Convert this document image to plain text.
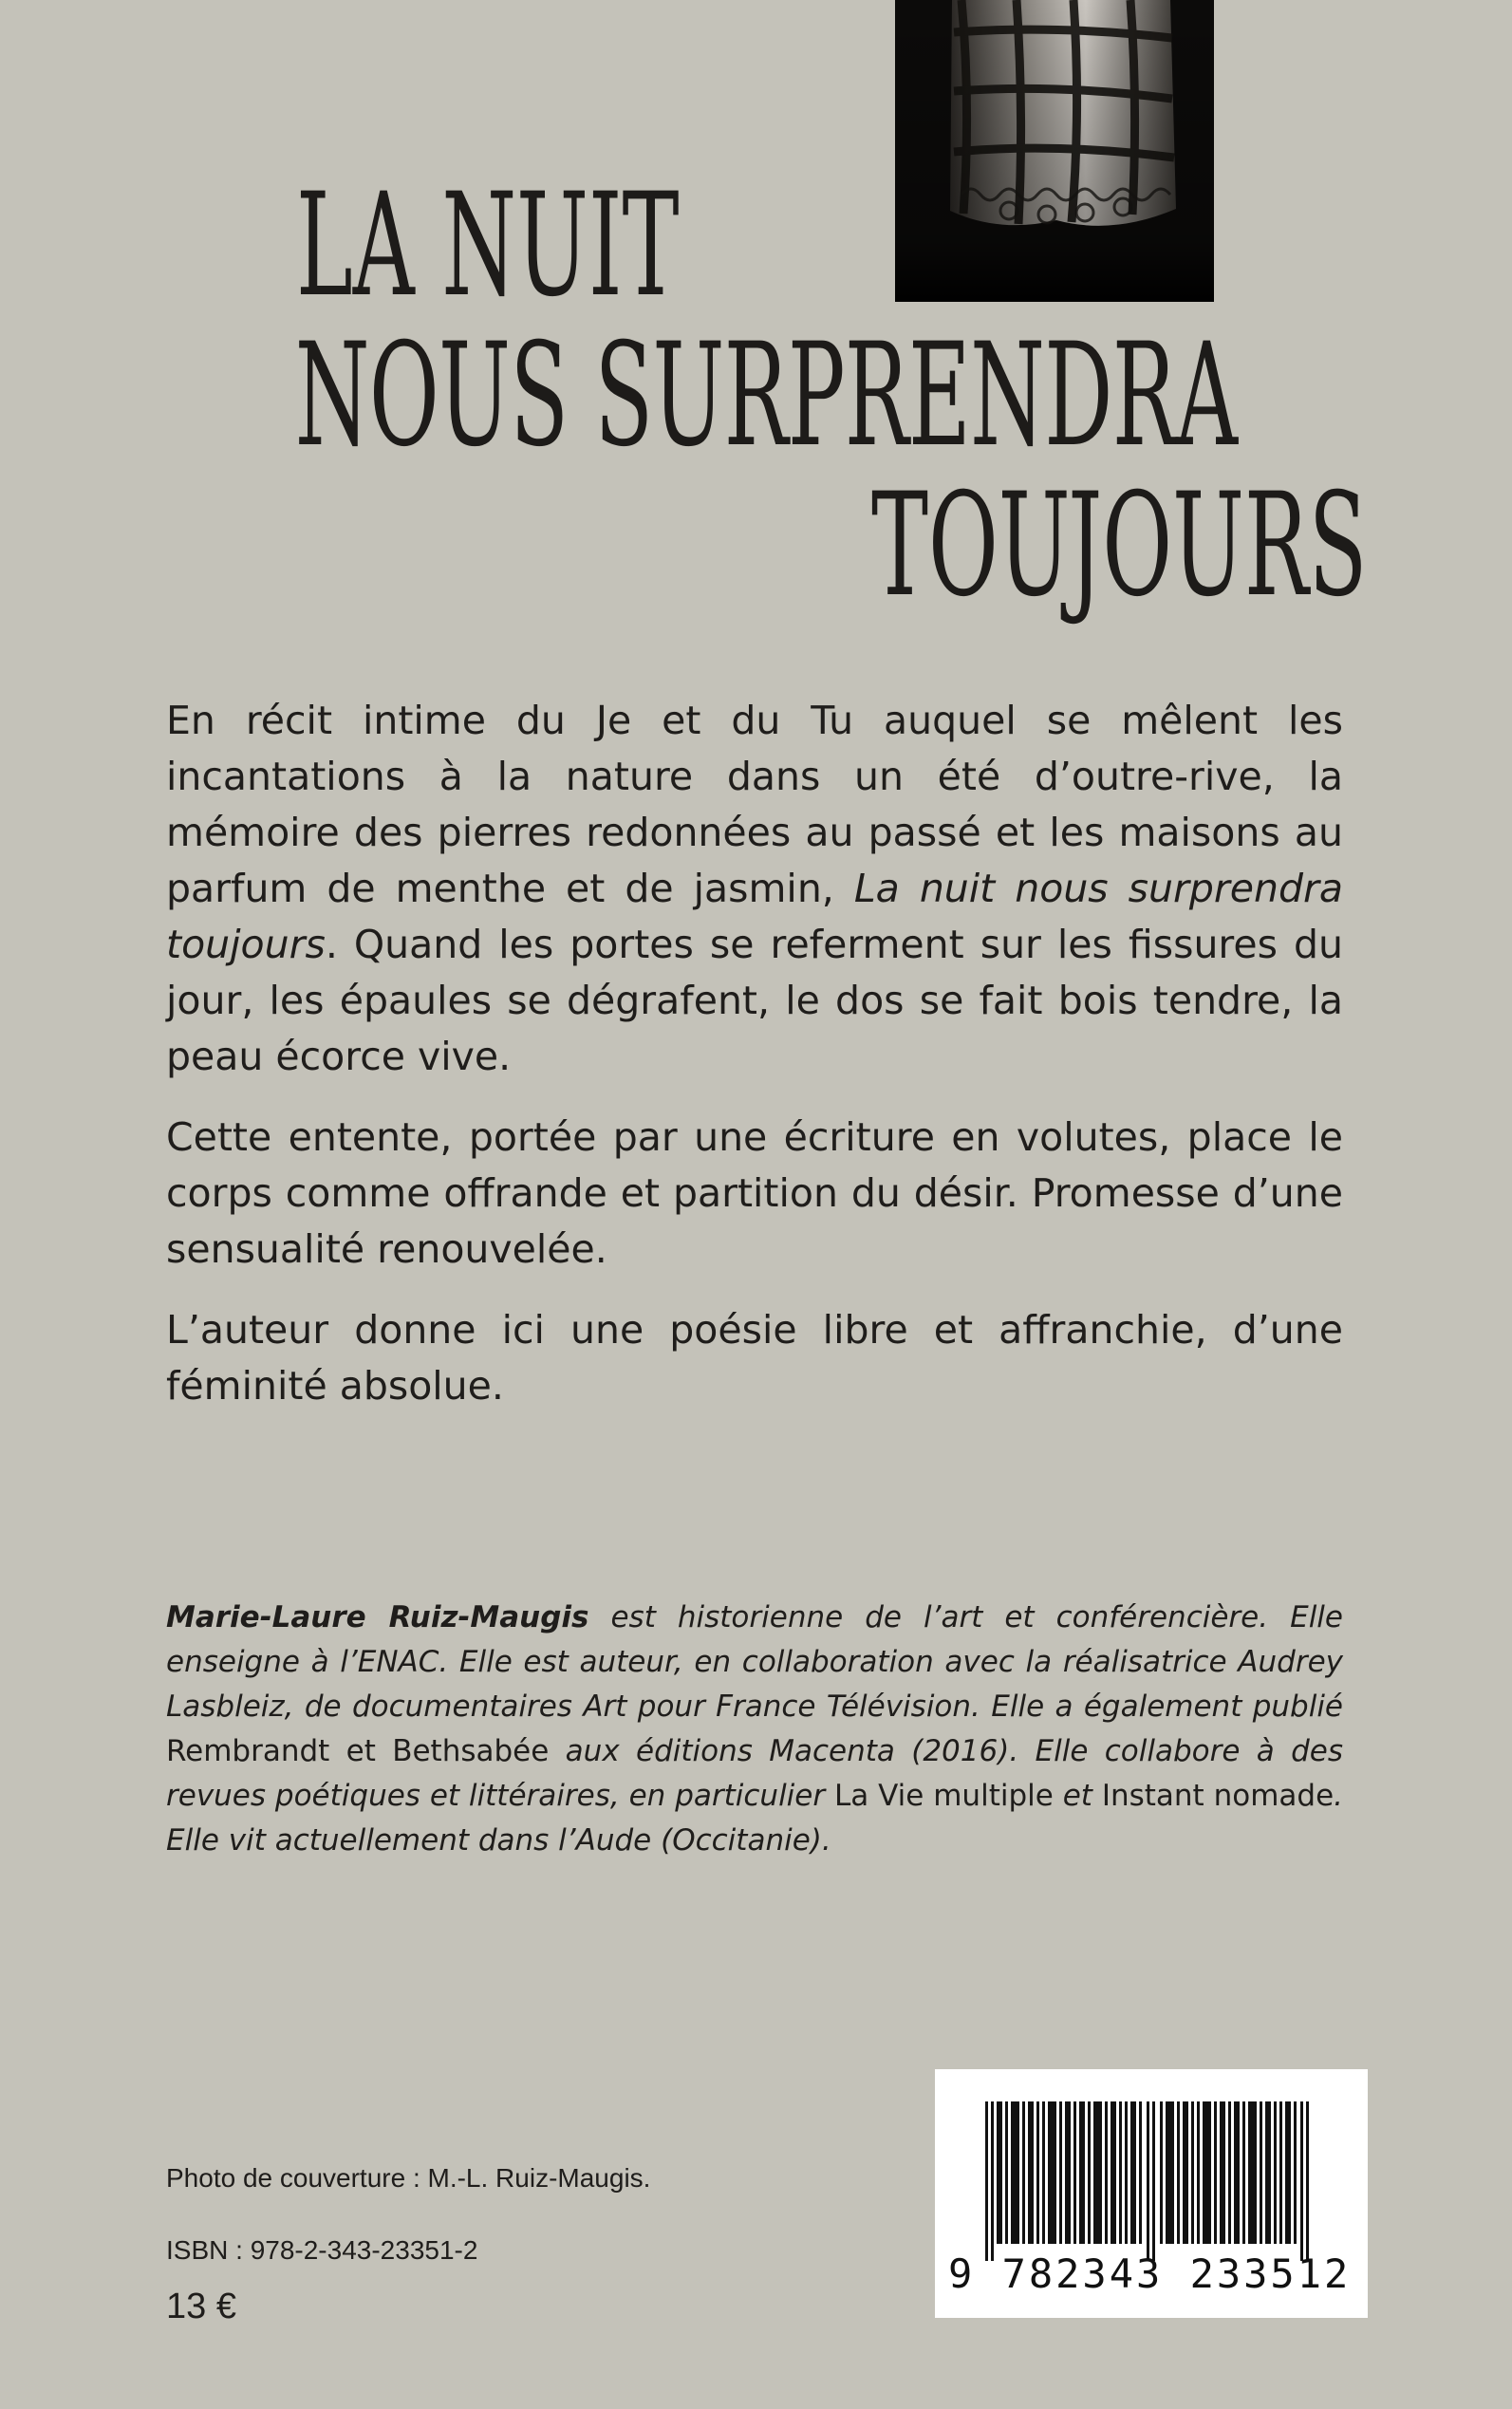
LA NUIT
NOUS SURPRENDRA
TOUJOURS

En récit intime du Je et du Tu auquel se mêlent les incantations à la nature dans un été d’outre-rive, la mémoire des pierres redonnées au passé et les maisons au parfum de menthe et de jasmin, La nuit nous surprendra toujours. Quand les portes se referment sur les fissures du jour, les épaules se dégrafent, le dos se fait bois tendre, la peau écorce vive.

Cette entente, portée par une écriture en volutes, place le corps comme offrande et partition du désir. Promesse d’une sensualité renouvelée.

L’auteur donne ici une poésie libre et affranchie, d’une féminité absolue.

Marie-Laure Ruiz-Maugis est historienne de l’art et conférencière. Elle enseigne à l’ENAC. Elle est auteur, en collaboration avec la réalisatrice Audrey Lasbleiz, de documentaires Art pour France Télévision. Elle a également publié Rembrandt et Bethsabée aux éditions Macenta (2016). Elle collabore à des revues poétiques et littéraires, en particulier La Vie multiple et Instant nomade. Elle vit actuellement dans l’Aude (Occitanie).

Photo de couverture : M.-L. Ruiz-Maugis.
ISBN : 978-2-343-23351-2
13 €
9 782343 233512
